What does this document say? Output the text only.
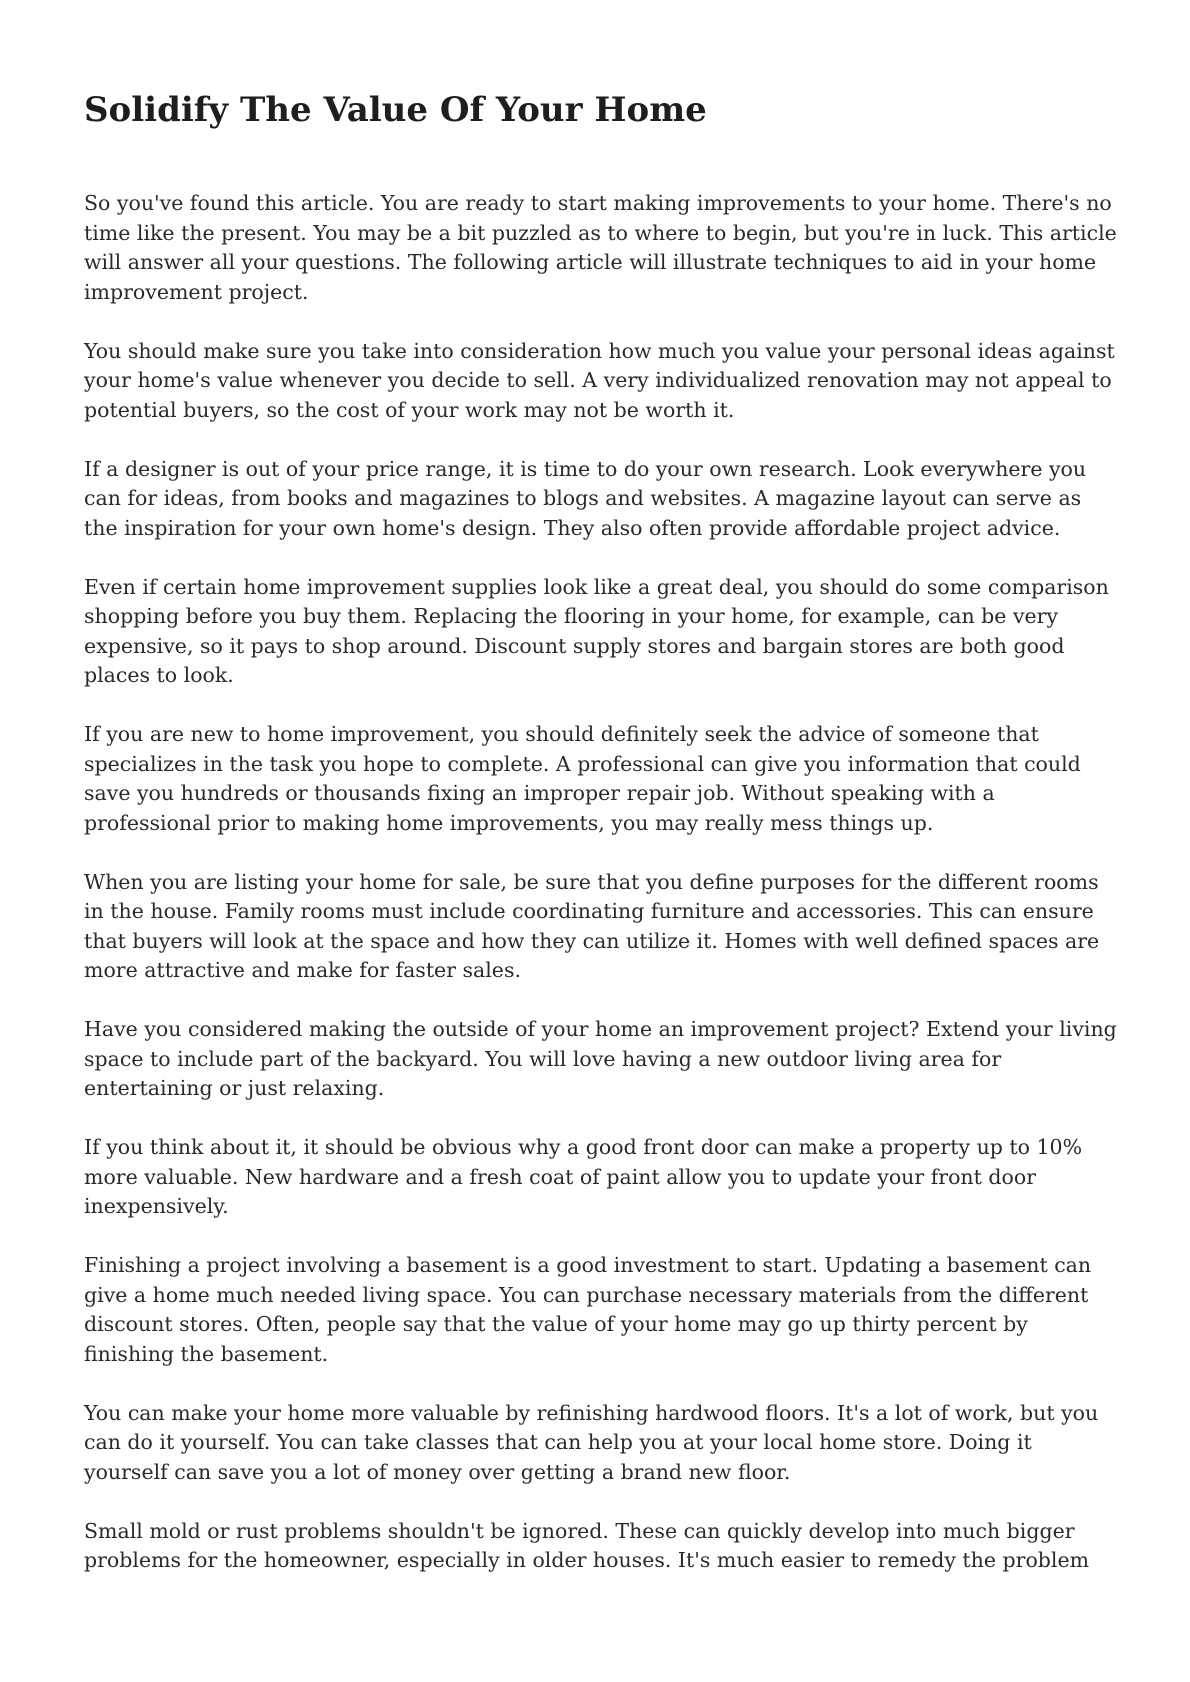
Solidify The Value Of Your Home

So you've found this article. You are ready to start making improvements to your home. There's no time like the present. You may be a bit puzzled as to where to begin, but you're in luck. This article will answer all your questions. The following article will illustrate techniques to aid in your home improvement project.

You should make sure you take into consideration how much you value your personal ideas against your home's value whenever you decide to sell. A very individualized renovation may not appeal to potential buyers, so the cost of your work may not be worth it.

If a designer is out of your price range, it is time to do your own research. Look everywhere you can for ideas, from books and magazines to blogs and websites. A magazine layout can serve as the inspiration for your own home's design. They also often provide affordable project advice.

Even if certain home improvement supplies look like a great deal, you should do some comparison shopping before you buy them. Replacing the flooring in your home, for example, can be very expensive, so it pays to shop around. Discount supply stores and bargain stores are both good places to look.

If you are new to home improvement, you should definitely seek the advice of someone that specializes in the task you hope to complete. A professional can give you information that could save you hundreds or thousands fixing an improper repair job. Without speaking with a professional prior to making home improvements, you may really mess things up.

When you are listing your home for sale, be sure that you define purposes for the different rooms in the house. Family rooms must include coordinating furniture and accessories. This can ensure that buyers will look at the space and how they can utilize it. Homes with well defined spaces are more attractive and make for faster sales.

Have you considered making the outside of your home an improvement project? Extend your living space to include part of the backyard. You will love having a new outdoor living area for entertaining or just relaxing.

If you think about it, it should be obvious why a good front door can make a property up to 10% more valuable. New hardware and a fresh coat of paint allow you to update your front door inexpensively.

Finishing a project involving a basement is a good investment to start. Updating a basement can give a home much needed living space. You can purchase necessary materials from the different discount stores. Often, people say that the value of your home may go up thirty percent by finishing the basement.

You can make your home more valuable by refinishing hardwood floors. It's a lot of work, but you can do it yourself. You can take classes that can help you at your local home store. Doing it yourself can save you a lot of money over getting a brand new floor.

Small mold or rust problems shouldn't be ignored. These can quickly develop into much bigger problems for the homeowner, especially in older houses. It's much easier to remedy the problem
